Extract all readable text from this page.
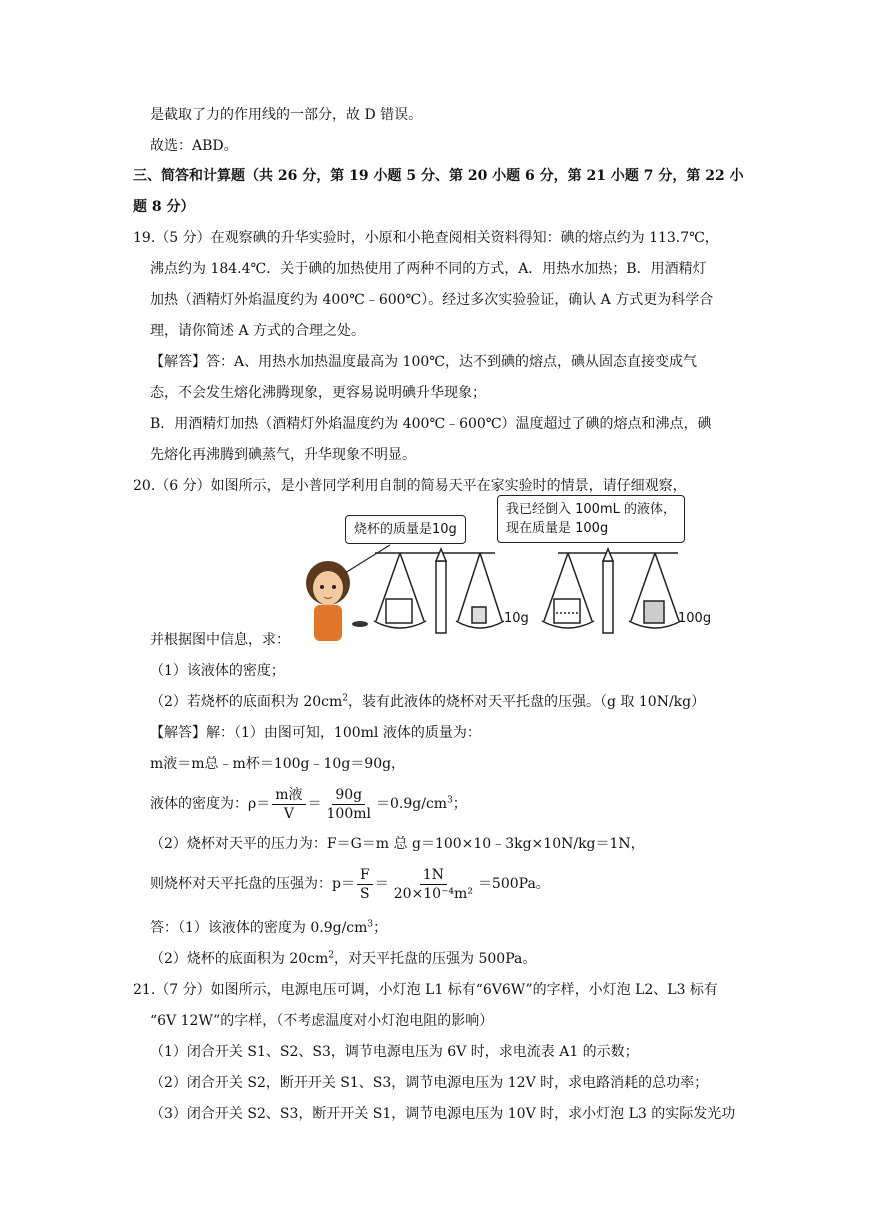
是截取了力的作用线的一部分，故 D 错误。
故选：ABD。
三、简答和计算题（共 26 分，第 19 小题 5 分、第 20 小题 6 分，第 21 小题 7 分，第 22 小
题 8 分）
19.（5 分）在观察碘的升华实验时，小原和小艳查阅相关资料得知：碘的熔点约为 113.7℃，
沸点约为 184.4℃．关于碘的加热使用了两种不同的方式，A．用热水加热；B．用酒精灯
加热（酒精灯外焰温度约为 400℃﹣600℃）。经过多次实验验证，确认 A 方式更为科学合
理，请你简述 A 方式的合理之处。
【解答】答：A、用热水加热温度最高为 100℃，达不到碘的熔点，碘从固态直接变成气
态，不会发生熔化沸腾现象，更容易说明碘升华现象；
B．用酒精灯加热（酒精灯外焰温度约为 400℃﹣600℃）温度超过了碘的熔点和沸点，碘
先熔化再沸腾到碘蒸气，升华现象不明显。
20.（6 分）如图所示，是小普同学利用自制的简易天平在家实验时的情景，请仔细观察，
烧杯的质量是10g
我已经倒入 100mL 的液体，
现在质量是 100g
10g	100g
并根据图中信息，求：
（1）该液体的密度；
（2）若烧杯的底面积为 $20cm^2$，装有此液体的烧杯对天平托盘的压强。（g 取 10N/kg）
【解答】解：（1）由图可知，100ml 液体的质量为：
m液＝m总﹣m杯＝100g﹣10g＝90g，
液体的密度为：$\rho= \frac{\text{m液}}{V} = \frac{90g}{100ml} =0.9g/cm^3$；
（2）烧杯对天平的压力为：F＝G＝m 总 g＝100×10﹣3kg×10N/kg＝1N，
则烧杯对天平托盘的压强为：$p= \frac{F}{S} = \frac{1N}{\text{20×10⁻⁴m²}} =500Pa$。
答：（1）该液体的密度为 $0.9g/cm^3$；
（2）烧杯的底面积为 $20cm^2$，对天平托盘的压强为 500Pa。
21.（7 分）如图所示，电源电压可调，小灯泡 L1 标有“6V6W”的字样，小灯泡 L2、L3 标有
“6V 12W”的字样，（不考虑温度对小灯泡电阻的影响）
（1）闭合开关 S1、S2、S3，调节电源电压为 6V 时，求电流表 A1 的示数；
（2）闭合开关 S2，断开开关 S1、S3，调节电源电压为 12V 时，求电路消耗的总功率；
（3）闭合开关 S2、S3，断开开关 S1，调节电源电压为 10V 时，求小灯泡 L3 的实际发光功
